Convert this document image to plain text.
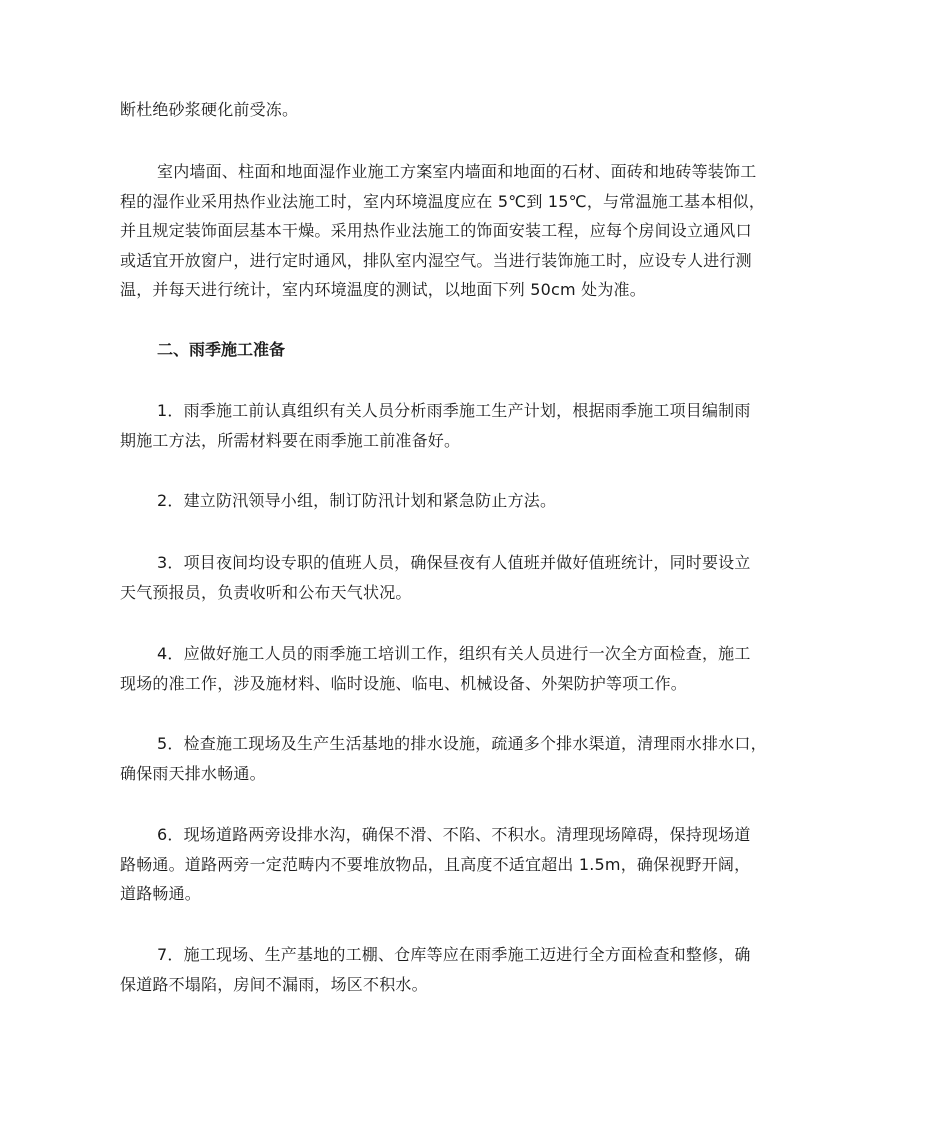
断杜绝砂浆硬化前受冻。

室内墙面、柱面和地面湿作业施工方案室内墙面和地面的石材、面砖和地砖等装饰工
程的湿作业采用热作业法施工时，室内环境温度应在 5℃到 15℃，与常温施工基本相似，
并且规定装饰面层基本干燥。采用热作业法施工的饰面安装工程，应每个房间设立通风口
或适宜开放窗户，进行定时通风，排队室内湿空气。当进行装饰施工时，应设专人进行测
温，并每天进行统计，室内环境温度的测试，以地面下列 50cm 处为准。

二、雨季施工准备

1．雨季施工前认真组织有关人员分析雨季施工生产计划，根据雨季施工项目编制雨
期施工方法，所需材料要在雨季施工前准备好。

2．建立防汛领导小组，制订防汛计划和紧急防止方法。

3．项目夜间均设专职的值班人员，确保昼夜有人值班并做好值班统计，同时要设立
天气预报员，负责收听和公布天气状况。

4．应做好施工人员的雨季施工培训工作，组织有关人员进行一次全方面检查，施工
现场的准工作，涉及施材料、临时设施、临电、机械设备、外架防护等项工作。

5．检查施工现场及生产生活基地的排水设施，疏通多个排水渠道，清理雨水排水口，
确保雨天排水畅通。

6．现场道路两旁设排水沟，确保不滑、不陷、不积水。清理现场障碍，保持现场道
路畅通。道路两旁一定范畴内不要堆放物品，且高度不适宜超出 1.5m，确保视野开阔，
道路畅通。

7．施工现场、生产基地的工棚、仓库等应在雨季施工迈进行全方面检查和整修，确
保道路不塌陷，房间不漏雨，场区不积水。
